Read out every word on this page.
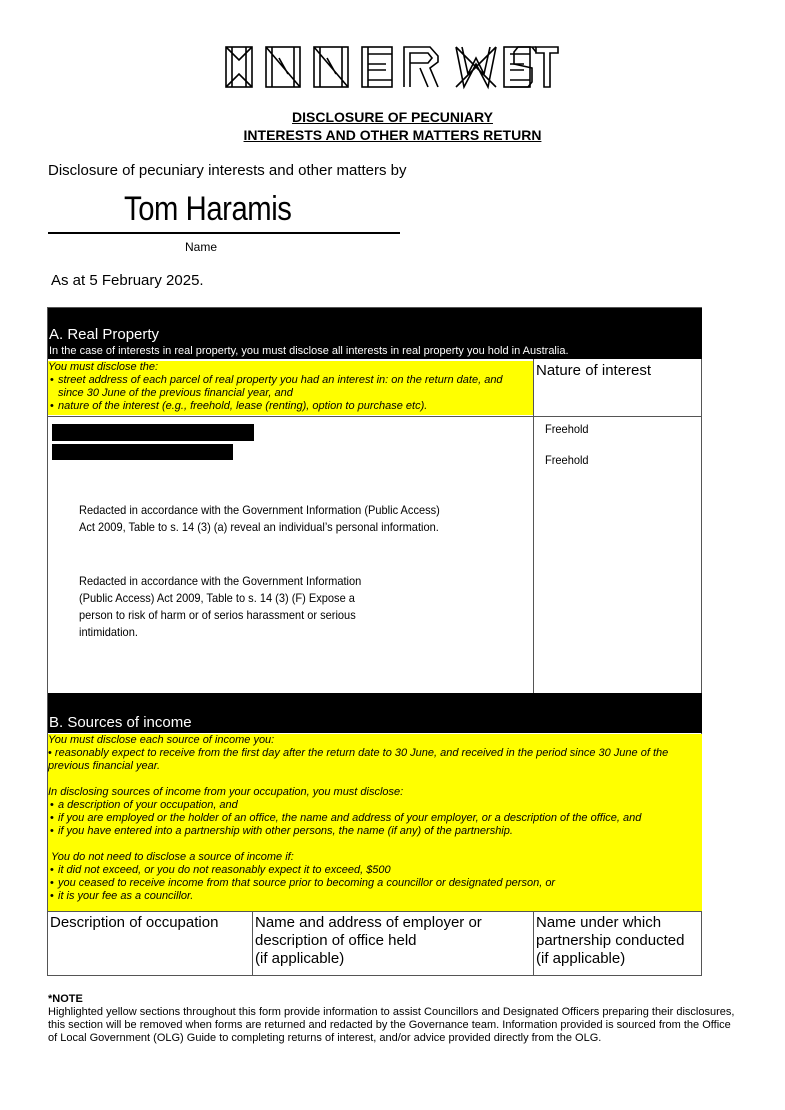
DISCLOSURE OF PECUNIARY
INTERESTS AND OTHER MATTERS RETURN
Disclosure of pecuniary interests and other matters by
Tom Haramis
Name
As at 5 February 2025.
A. Real Property
In the case of interests in real property, you must disclose all interests in real property you hold in Australia.

You must disclose the:

• street address of each parcel of real property you had an interest in: on the return date, and since 30 June of the previous financial year, and
• nature of the interest (e.g., freehold, lease (renting), option to purchase etc).
Nature of interest
Freehold
Freehold
Redacted in accordance with the Government Information (Public Access) Act 2009, Table to s. 14 (3) (a) reveal an individual’s personal information.
Redacted in accordance with the Government Information (Public Access) Act 2009, Table to s. 14 (3) (F) Expose a person to risk of harm or of serios harassment or serious intimidation.
B. Sources of income

You must disclose each source of income you:

• reasonably expect to receive from the first day after the return date to 30 June, and received in the period since 30 June of the previous financial year.

In disclosing sources of income from your occupation, you must disclose:

• a description of your occupation, and
• if you are employed or the holder of an office, the name and address of your employer, or a description of the office, and
• if you have entered into a partnership with other persons, the name (if any) of the partnership.

You do not need to disclose a source of income if:

• it did not exceed, or you do not reasonably expect it to exceed, $500
• you ceased to receive income from that source prior to becoming a councillor or designated person, or
• it is your fee as a councillor.
Description of occupation Name and address of employer or
description of office held
(if applicable)
Name under which
partnership conducted
(if applicable)
*NOTE
Highlighted yellow sections throughout this form provide information to assist Councillors and Designated Officers preparing their disclosures, this section will be removed when forms are returned and redacted by the Governance team. Information provided is sourced from the Office of Local Government (OLG) Guide to completing returns of interest, and/or advice provided directly from the OLG.
